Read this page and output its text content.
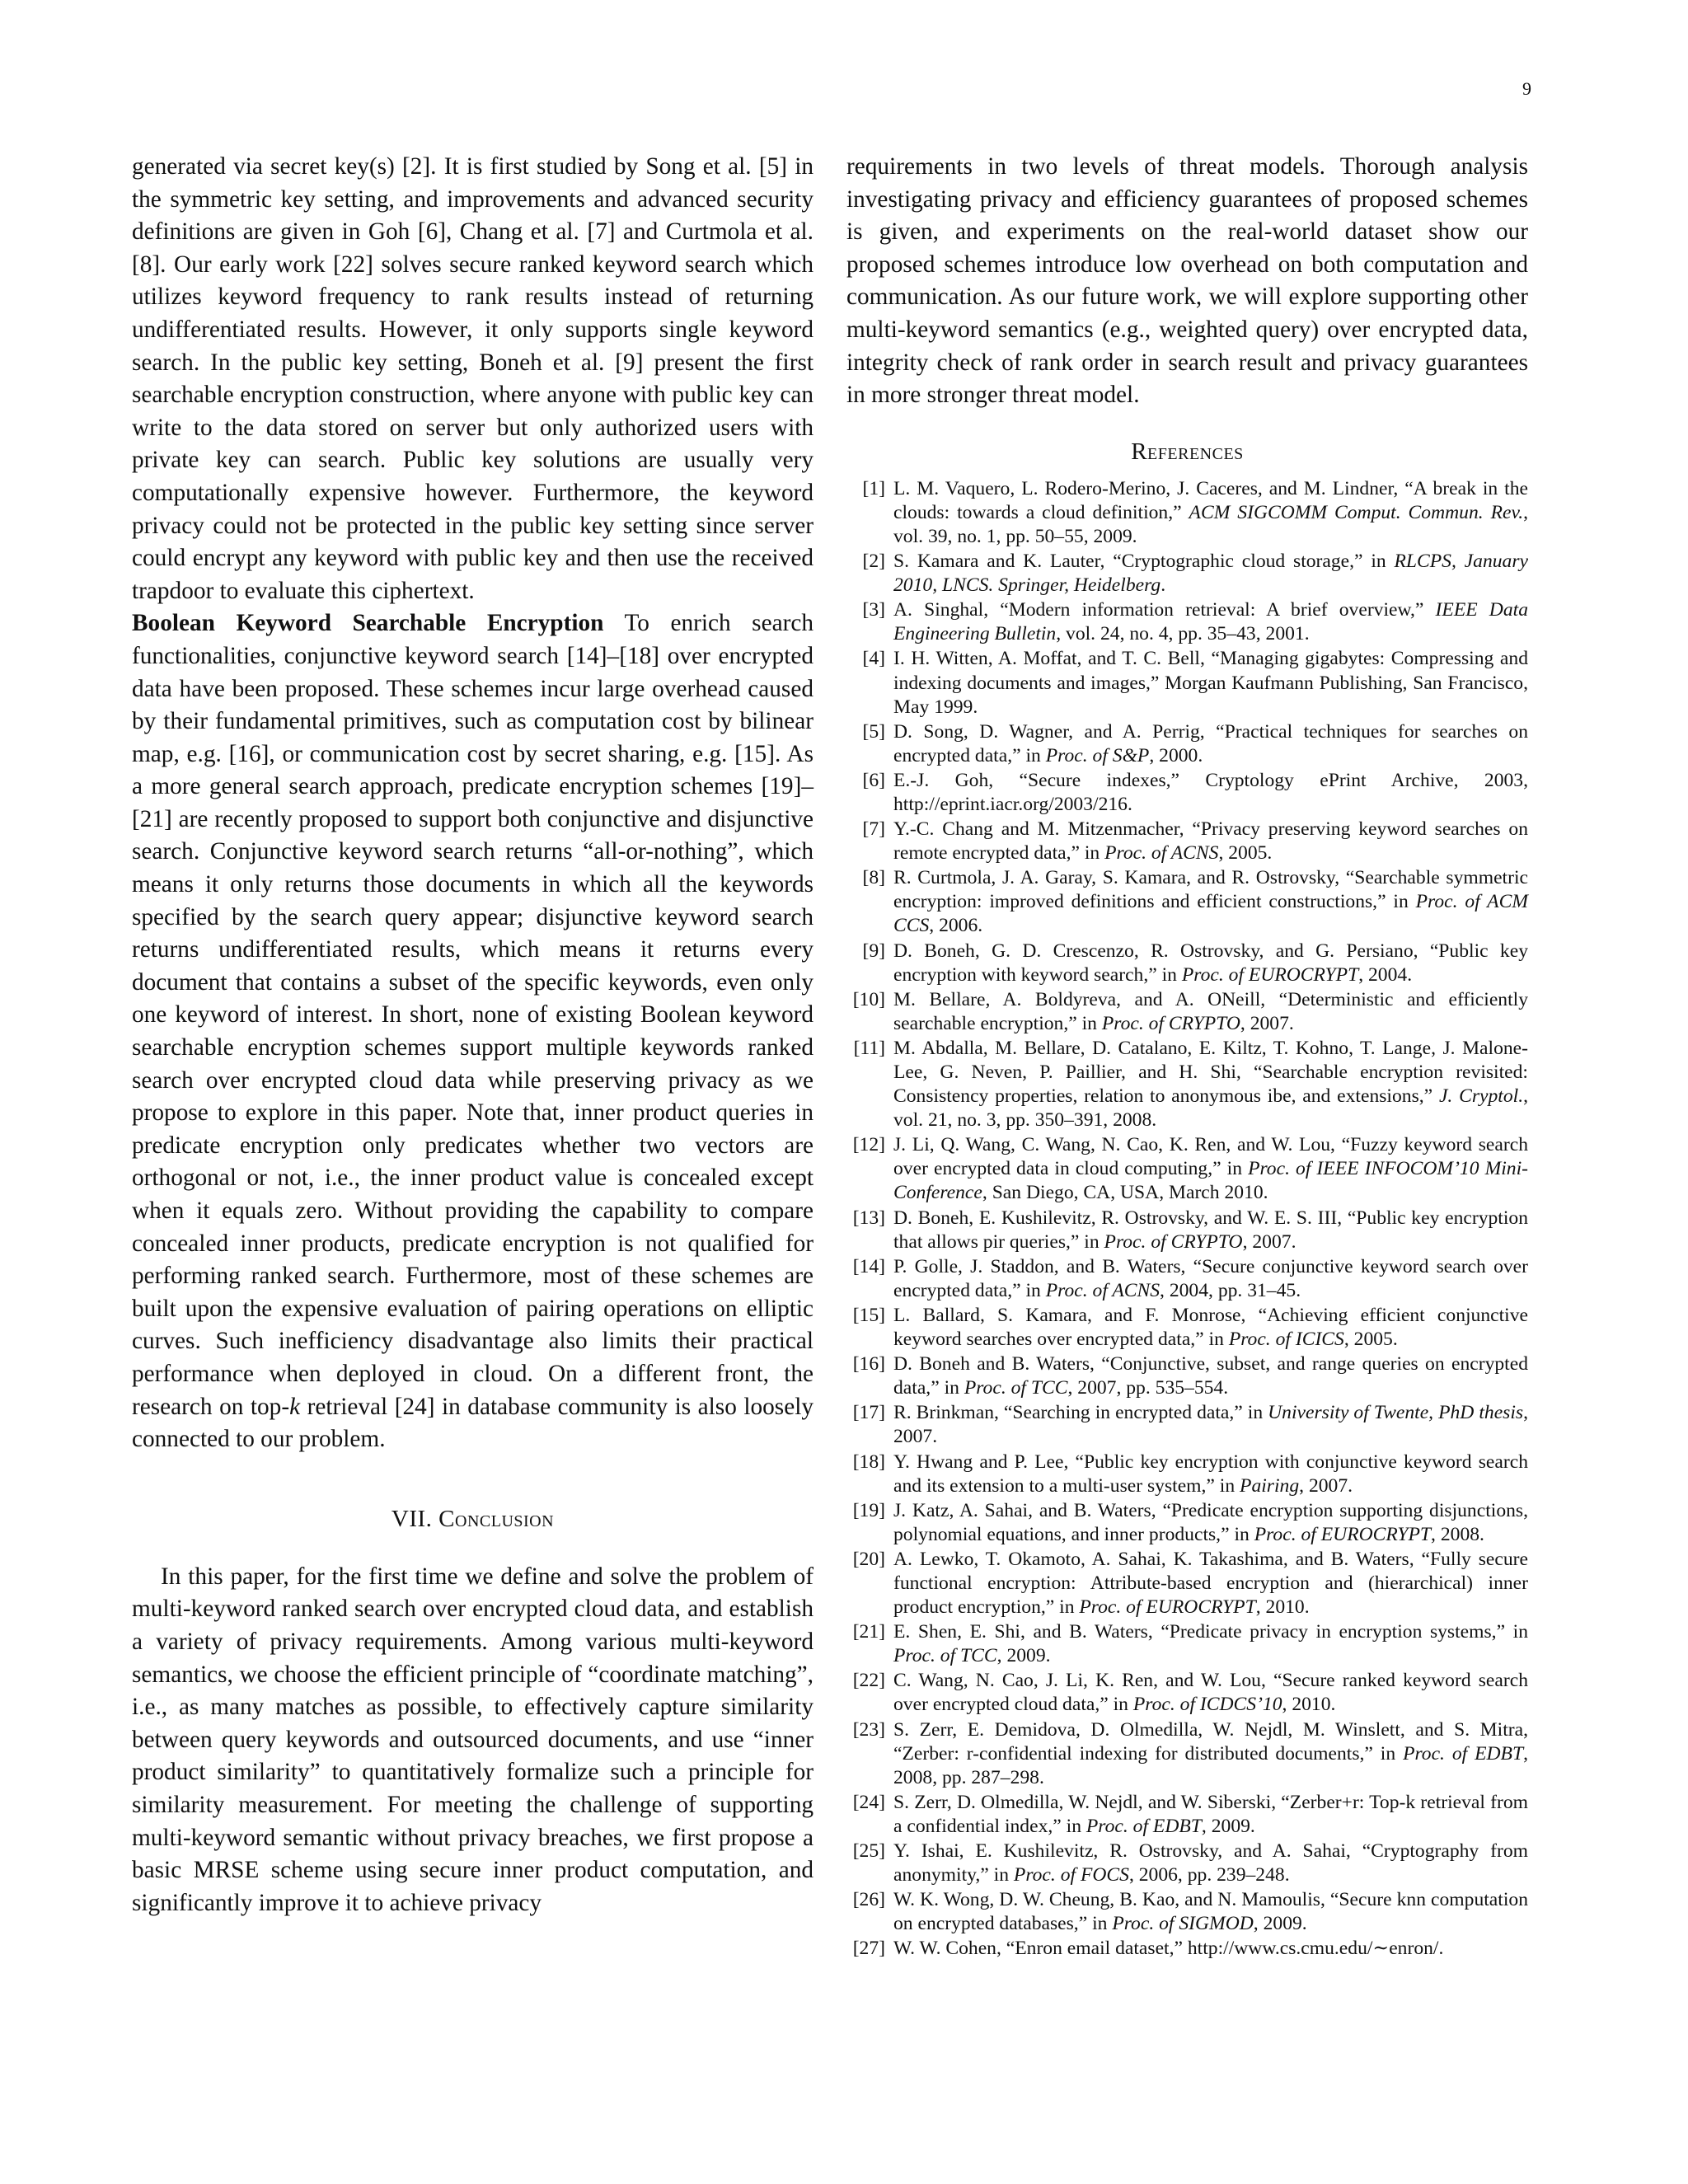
9

generated via secret key(s) [2]. It is first studied by Song et al. [5] in the symmetric key setting, and improvements and advanced security definitions are given in Goh [6], Chang et al. [7] and Curtmola et al. [8]. Our early work [22] solves secure ranked keyword search which utilizes keyword frequency to rank results instead of returning undifferentiated results. However, it only supports single keyword search. In the public key setting, Boneh et al. [9] present the first searchable encryption construction, where anyone with public key can write to the data stored on server but only authorized users with private key can search. Public key solutions are usually very computationally expensive however. Furthermore, the keyword privacy could not be protected in the public key setting since server could encrypt any keyword with public key and then use the received trapdoor to evaluate this ciphertext.

Boolean Keyword Searchable Encryption To enrich search functionalities, conjunctive keyword search [14]–[18] over encrypted data have been proposed. These schemes incur large overhead caused by their fundamental primitives, such as computation cost by bilinear map, e.g. [16], or communication cost by secret sharing, e.g. [15]. As a more general search approach, predicate encryption schemes [19]–[21] are recently proposed to support both conjunctive and disjunctive search. Conjunctive keyword search returns “all-or-nothing”, which means it only returns those documents in which all the keywords specified by the search query appear; disjunctive keyword search returns undifferentiated results, which means it returns every document that contains a subset of the specific keywords, even only one keyword of interest. In short, none of existing Boolean keyword searchable encryption schemes support multiple keywords ranked search over encrypted cloud data while preserving privacy as we propose to explore in this paper. Note that, inner product queries in predicate encryption only predicates whether two vectors are orthogonal or not, i.e., the inner product value is concealed except when it equals zero. Without providing the capability to compare concealed inner products, predicate encryption is not qualified for performing ranked search. Furthermore, most of these schemes are built upon the expensive evaluation of pairing operations on elliptic curves. Such inefficiency disadvantage also limits their practical performance when deployed in cloud. On a different front, the research on top-k retrieval [24] in database community is also loosely connected to our problem.

VII. Conclusion

In this paper, for the first time we define and solve the problem of multi-keyword ranked search over encrypted cloud data, and establish a variety of privacy requirements. Among various multi-keyword semantics, we choose the efficient principle of “coordinate matching”, i.e., as many matches as possible, to effectively capture similarity between query keywords and outsourced documents, and use “inner product similarity” to quantitatively formalize such a principle for similarity measurement. For meeting the challenge of supporting multi-keyword semantic without privacy breaches, we first propose a basic MRSE scheme using secure inner product computation, and significantly improve it to achieve privacy

requirements in two levels of threat models. Thorough analysis investigating privacy and efficiency guarantees of proposed schemes is given, and experiments on the real-world dataset show our proposed schemes introduce low overhead on both computation and communication. As our future work, we will explore supporting other multi-keyword semantics (e.g., weighted query) over encrypted data, integrity check of rank order in search result and privacy guarantees in more stronger threat model.

References
[1] L. M. Vaquero, L. Rodero-Merino, J. Caceres, and M. Lindner, “A break in the clouds: towards a cloud definition,” ACM SIGCOMM Comput. Commun. Rev., vol. 39, no. 1, pp. 50–55, 2009.
[2] S. Kamara and K. Lauter, “Cryptographic cloud storage,” in RLCPS, January 2010, LNCS. Springer, Heidelberg.
[3] A. Singhal, “Modern information retrieval: A brief overview,” IEEE Data Engineering Bulletin, vol. 24, no. 4, pp. 35–43, 2001.
[4] I. H. Witten, A. Moffat, and T. C. Bell, “Managing gigabytes: Compressing and indexing documents and images,” Morgan Kaufmann Publishing, San Francisco, May 1999.
[5] D. Song, D. Wagner, and A. Perrig, “Practical techniques for searches on encrypted data,” in Proc. of S&P, 2000.
[6] E.-J. Goh, “Secure indexes,” Cryptology ePrint Archive, 2003, http://eprint.iacr.org/2003/216.
[7] Y.-C. Chang and M. Mitzenmacher, “Privacy preserving keyword searches on remote encrypted data,” in Proc. of ACNS, 2005.
[8] R. Curtmola, J. A. Garay, S. Kamara, and R. Ostrovsky, “Searchable symmetric encryption: improved definitions and efficient constructions,” in Proc. of ACM CCS, 2006.
[9] D. Boneh, G. D. Crescenzo, R. Ostrovsky, and G. Persiano, “Public key encryption with keyword search,” in Proc. of EUROCRYPT, 2004.
[10] M. Bellare, A. Boldyreva, and A. ONeill, “Deterministic and efficiently searchable encryption,” in Proc. of CRYPTO, 2007.
[11] M. Abdalla, M. Bellare, D. Catalano, E. Kiltz, T. Kohno, T. Lange, J. Malone-Lee, G. Neven, P. Paillier, and H. Shi, “Searchable encryption revisited: Consistency properties, relation to anonymous ibe, and extensions,” J. Cryptol., vol. 21, no. 3, pp. 350–391, 2008.
[12] J. Li, Q. Wang, C. Wang, N. Cao, K. Ren, and W. Lou, “Fuzzy keyword search over encrypted data in cloud computing,” in Proc. of IEEE INFOCOM’10 Mini-Conference, San Diego, CA, USA, March 2010.
[13] D. Boneh, E. Kushilevitz, R. Ostrovsky, and W. E. S. III, “Public key encryption that allows pir queries,” in Proc. of CRYPTO, 2007.
[14] P. Golle, J. Staddon, and B. Waters, “Secure conjunctive keyword search over encrypted data,” in Proc. of ACNS, 2004, pp. 31–45.
[15] L. Ballard, S. Kamara, and F. Monrose, “Achieving efficient conjunctive keyword searches over encrypted data,” in Proc. of ICICS, 2005.
[16] D. Boneh and B. Waters, “Conjunctive, subset, and range queries on encrypted data,” in Proc. of TCC, 2007, pp. 535–554.
[17] R. Brinkman, “Searching in encrypted data,” in University of Twente, PhD thesis, 2007.
[18] Y. Hwang and P. Lee, “Public key encryption with conjunctive keyword search and its extension to a multi-user system,” in Pairing, 2007.
[19] J. Katz, A. Sahai, and B. Waters, “Predicate encryption supporting disjunctions, polynomial equations, and inner products,” in Proc. of EUROCRYPT, 2008.
[20] A. Lewko, T. Okamoto, A. Sahai, K. Takashima, and B. Waters, “Fully secure functional encryption: Attribute-based encryption and (hierarchical) inner product encryption,” in Proc. of EUROCRYPT, 2010.
[21] E. Shen, E. Shi, and B. Waters, “Predicate privacy in encryption systems,” in Proc. of TCC, 2009.
[22] C. Wang, N. Cao, J. Li, K. Ren, and W. Lou, “Secure ranked keyword search over encrypted cloud data,” in Proc. of ICDCS’10, 2010.
[23] S. Zerr, E. Demidova, D. Olmedilla, W. Nejdl, M. Winslett, and S. Mitra, “Zerber: r-confidential indexing for distributed documents,” in Proc. of EDBT, 2008, pp. 287–298.
[24] S. Zerr, D. Olmedilla, W. Nejdl, and W. Siberski, “Zerber+r: Top-k retrieval from a confidential index,” in Proc. of EDBT, 2009.
[25] Y. Ishai, E. Kushilevitz, R. Ostrovsky, and A. Sahai, “Cryptography from anonymity,” in Proc. of FOCS, 2006, pp. 239–248.
[26] W. K. Wong, D. W. Cheung, B. Kao, and N. Mamoulis, “Secure knn computation on encrypted databases,” in Proc. of SIGMOD, 2009.
[27] W. W. Cohen, “Enron email dataset,” http://www.cs.cmu.edu/∼enron/.
